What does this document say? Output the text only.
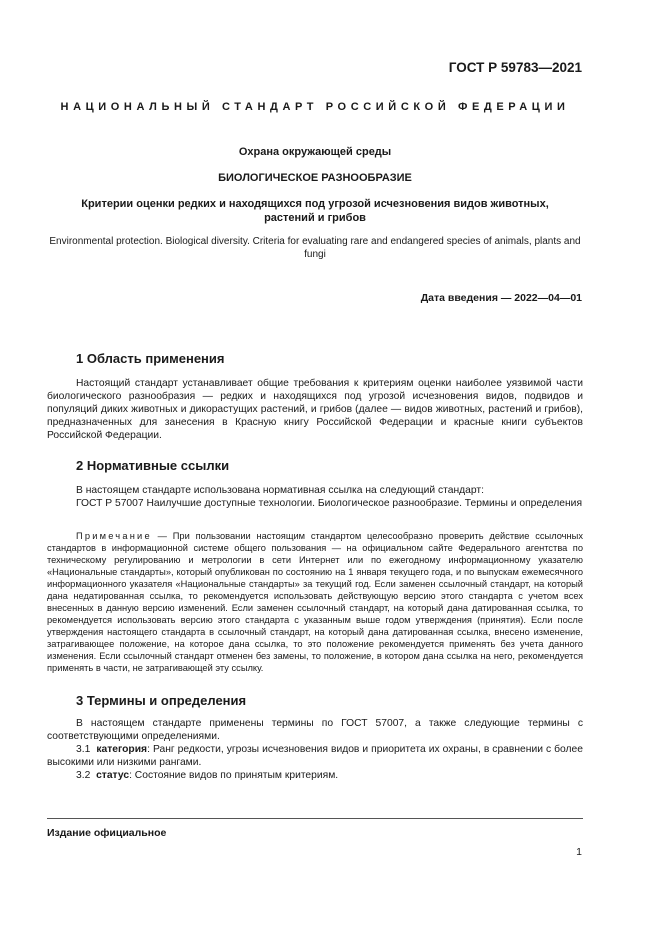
ГОСТ Р 59783—2021
НАЦИОНАЛЬНЫЙ СТАНДАРТ РОССИЙСКОЙ ФЕДЕРАЦИИ
Охрана окружающей среды
БИОЛОГИЧЕСКОЕ РАЗНООБРАЗИЕ
Критерии оценки редких и находящихся под угрозой исчезновения видов животных, растений и грибов
Environmental protection. Biological diversity. Criteria for evaluating rare and endangered species of animals, plants and fungi
Дата введения — 2022—04—01
1 Область применения
Настоящий стандарт устанавливает общие требования к критериям оценки наиболее уязвимой части биологического разнообразия — редких и находящихся под угрозой исчезновения видов, подвидов и популяций диких животных и дикорастущих растений, и грибов (далее — видов животных, растений и грибов), предназначенных для занесения в Красную книгу Российской Федерации и красные книги субъектов Российской Федерации.
2 Нормативные ссылки
В настоящем стандарте использована нормативная ссылка на следующий стандарт:
ГОСТ Р 57007 Наилучшие доступные технологии. Биологическое разнообразие. Термины и определения
Примечание — При пользовании настоящим стандартом целесообразно проверить действие ссылочных стандартов в информационной системе общего пользования — на официальном сайте Федерального агентства по техническому регулированию и метрологии в сети Интернет или по ежегодному информационному указателю «Национальные стандарты», который опубликован по состоянию на 1 января текущего года, и по выпускам ежемесячного информационного указателя «Национальные стандарты» за текущий год. Если заменен ссылочный стандарт, на который дана недатированная ссылка, то рекомендуется использовать действующую версию этого стандарта с учетом всех внесенных в данную версию изменений. Если заменен ссылочный стандарт, на который дана датированная ссылка, то рекомендуется использовать версию этого стандарта с указанным выше годом утверждения (принятия). Если после утверждения настоящего стандарта в ссылочный стандарт, на который дана датированная ссылка, внесено изменение, затрагивающее положение, на которое дана ссылка, то это положение рекомендуется применять без учета данного изменения. Если ссылочный стандарт отменен без замены, то положение, в котором дана ссылка на него, рекомендуется применять в части, не затрагивающей эту ссылку.
3 Термины и определения
В настоящем стандарте применены термины по ГОСТ 57007, а также следующие термины с соответствующими определениями.
3.1 категория: Ранг редкости, угрозы исчезновения видов и приоритета их охраны, в сравнении с более высокими или низкими рангами.
3.2 статус: Состояние видов по принятым критериям.
Издание официальное
1
